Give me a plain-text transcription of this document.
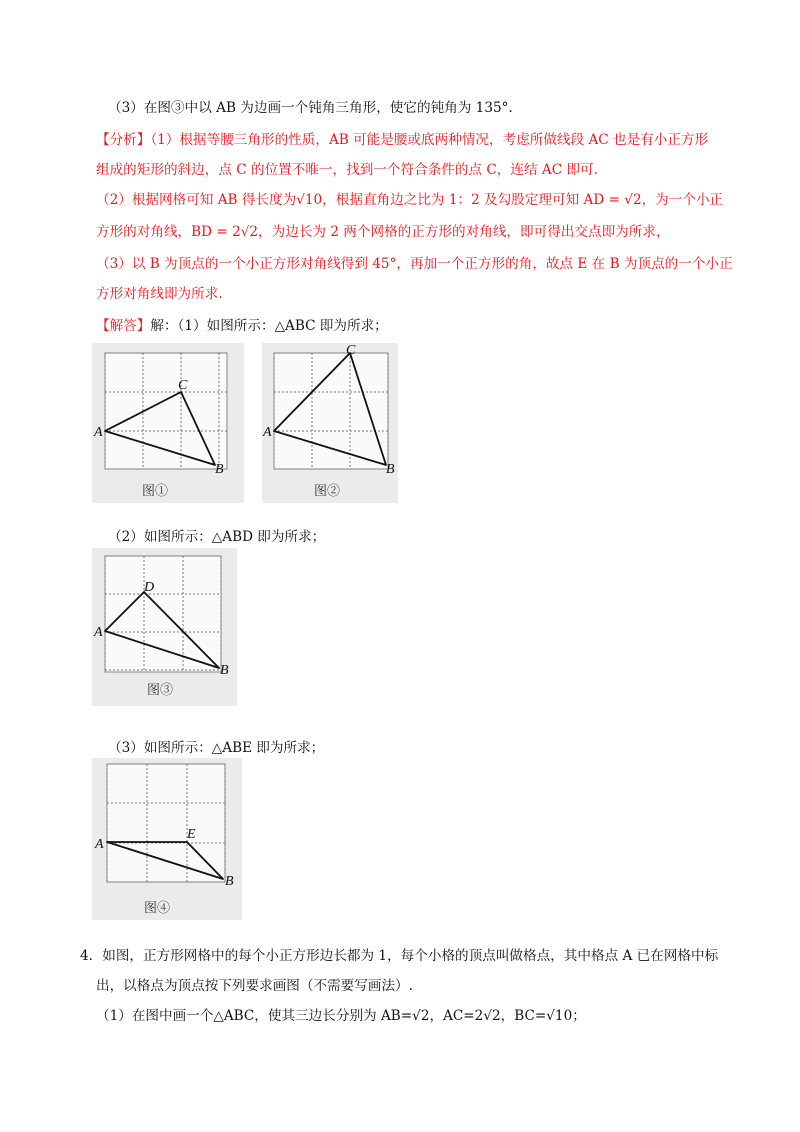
（3）在图③中以 AB 为边画一个钝角三角形，使它的钝角为 135°.
【分析】（1）根据等腰三角形的性质，AB 可能是腰或底两种情况，考虑所做线段 AC 也是有小正方形
组成的矩形的斜边，点 C 的位置不唯一，找到一个符合条件的点 C，连结 AC 即可.
（2）根据网格可知 AB 得长度为√10，根据直角边之比为 1：2 及勾股定理可知 AD = √2，为一个小正
方形的对角线，BD = 2√2，为边长为 2 两个网格的正方形的对角线，即可得出交点即为所求，
（3）以 B 为顶点的一个小正方形对角线得到 45°，再加一个正方形的角，故点 E 在 B 为顶点的一个小正
方形对角线即为所求.
【解答】解：（1）如图所示：△ABC 即为所求；
A
B
C
图①
A
B
C
图②
（2）如图所示：△ABD 即为所求；
A
B
D
图③
（3）如图所示：△ABE 即为所求；
A
B
E
图④
4．如图，正方形网格中的每个小正方形边长都为 1，每个小格的顶点叫做格点，其中格点 A 已在网格中标
出，以格点为顶点按下列要求画图（不需要写画法）.
（1）在图中画一个△ABC，使其三边长分别为 AB=√2，AC=2√2，BC=√10；
